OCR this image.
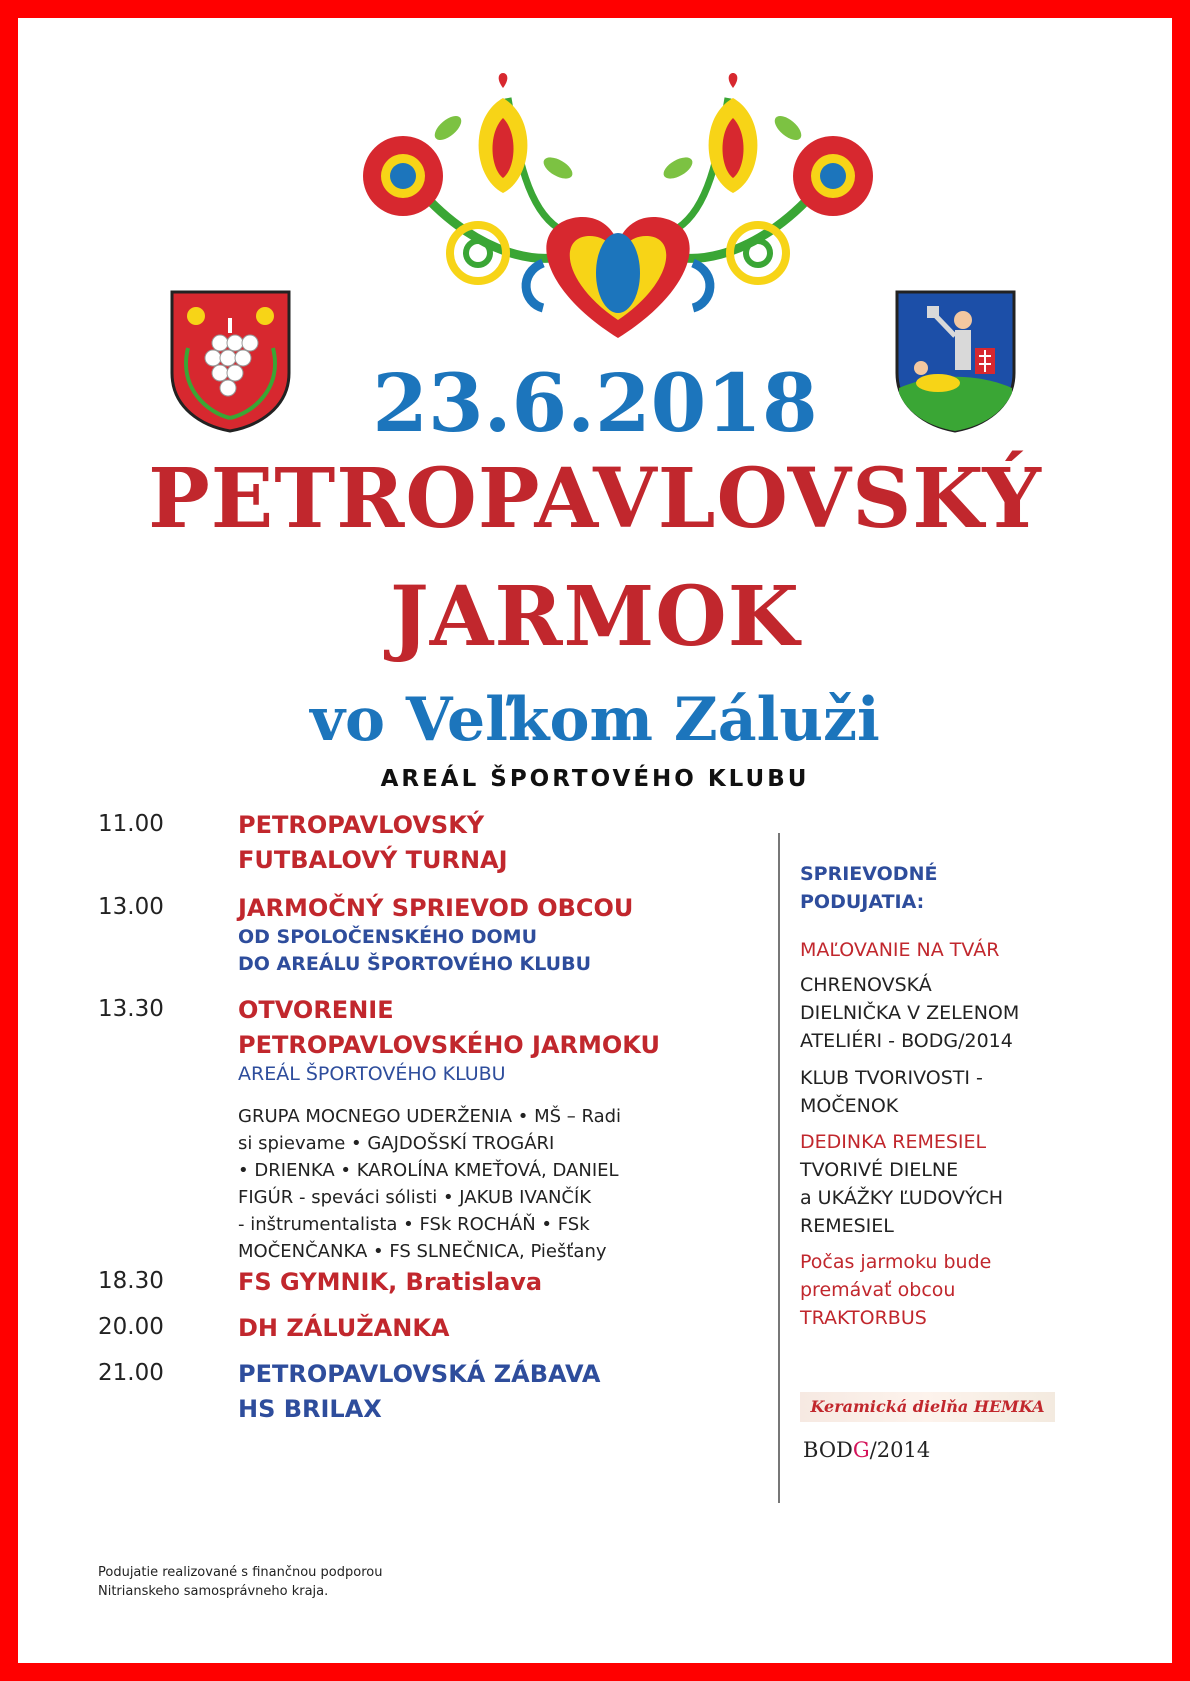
23.6.2018
PETROPAVLOVSKÝ
JARMOK
vo Veľkom Záluži
AREÁL ŠPORTOVÉHO KLUBU
11.00	PETROPAVLOVSKÝ
FUTBALOVÝ TURNAJ
13.00	JARMOČNÝ SPRIEVOD OBCOU
OD SPOLOČENSKÉHO DOMU
DO AREÁLU ŠPORTOVÉHO KLUBU
13.30	OTVORENIE
PETROPAVLOVSKÉHO JARMOKU
AREÁL ŠPORTOVÉHO KLUBU
GRUPA MOCNEGO UDERŽENIA • MŠ – Radi
si spievame • GAJDOŠSKÍ TROGÁRI
• DRIENKA • KAROLÍNA KMEŤOVÁ, DANIEL
FIGÚR - speváci sólisti • JAKUB IVANČÍK
- inštrumentalista • FSk ROCHÁŇ • FSk
MOČENČANKA • FS SLNEČNICA, Piešťany
18.30	FS GYMNIK, Bratislava
20.00	DH ZÁLUŽANKA
21.00	PETROPAVLOVSKÁ ZÁBAVA
HS BRILAX
SPRIEVODNÉ
PODUJATIA:
MAĽOVANIE NA TVÁR
CHRENOVSKÁ
DIELNIČKA V ZELENOM
ATELIÉRI - BODG/2014
KLUB TVORIVOSTI -
MOČENOK
DEDINKA REMESIEL
TVORIVÉ DIELNE
a UKÁŽKY ĽUDOVÝCH
REMESIEL
Počas jarmoku bude
premávať obcou
TRAKTORBUS
Keramická dielňa HEMKA
BODG/2014
Podujatie realizované s finančnou podporou
Nitrianskeho samosprávneho kraja.
